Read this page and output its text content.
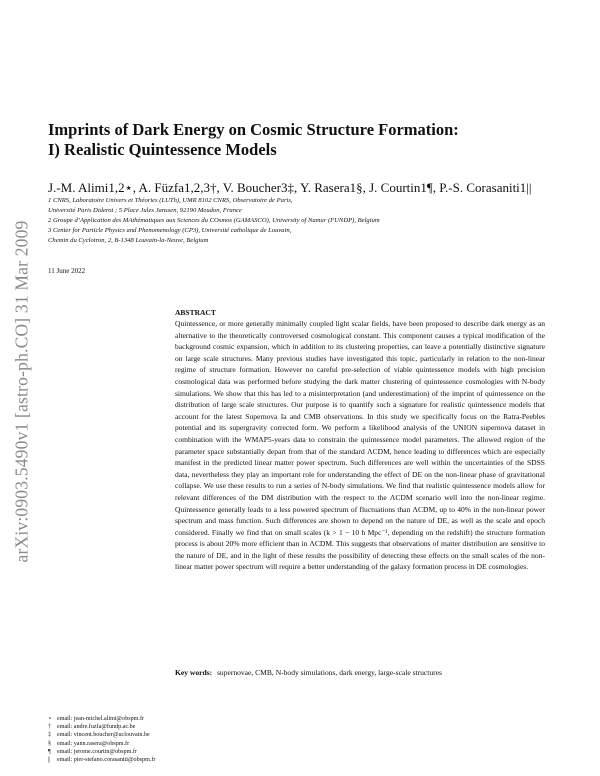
arXiv:0903.5490v1 [astro-ph.CO] 31 Mar 2009
Imprints of Dark Energy on Cosmic Structure Formation:
I) Realistic Quintessence Models
J.-M. Alimi1,2⋆, A. Füzfa1,2,3†, V. Boucher3‡, Y. Rasera1§, J. Courtin1¶, P.-S. Corasaniti1||
1 CNRS, Laboratoire Univers et Théories (LUTh), UMR 8102 CNRS, Observatoire de Paris,
Université Paris Diderot ; 5 Place Jules Janssen, 92190 Meudon, France
2 Groupe d’Application des MAthématiques aux Sciences du COsmos (GAMASCO), University of Namur (FUNDP), Belgium
3 Center for Particle Physics and Phenomenology (CP3), Université catholique de Louvain,
Chemin du Cyclotron, 2, B-1348 Louvain-la-Neuve, Belgium
11 June 2022
ABSTRACT

Quintessence, or more generally minimally coupled light scalar fields, have been proposed to describe dark energy as an alternative to the theoretically controversed cosmological constant. This component causes a typical modification of the background cosmic expansion, which in addition to its clustering properties, can leave a potentially distinctive signature on large scale structures. Many previous studies have investigated this topic, particularly in relation to the non-linear regime of structure formation. However no careful pre-selection of viable quintessence models with high precision cosmological data was performed before studying the dark matter clustering of quintessence cosmologies with N-body simulations. We show that this has led to a misinterpretation (and underestimation) of the imprint of quintessence on the distribution of large scale structures. Our purpose is to quantify such a signature for realistic quintessence models that account for the latest Supernova Ia and CMB observations. In this study we specifically focus on the Ratra-Peebles potential and its supergravity corrected form. We perform a likelihood analysis of the UNION supernova dataset in combination with the WMAP5-years data to constrain the quintessence model parameters. The allowed region of the parameter space substantially depart from that of the standard ΛCDM, hence leading to differences which are especially manifest in the predicted linear matter power spectrum. Such differences are well within the uncertainties of the SDSS data, nevertheless they play an important role for understanding the effect of DE on the non-linear phase of gravitational collapse. We use these results to run a series of N-body simulations. We find that realistic quintessence models allow for relevant differences of the DM distribution with the respect to the ΛCDM scenario well into the non-linear regime. Quintessence generally leads to a less powered spectrum of fluctuations than ΛCDM, up to 40% in the non-linear power spectrum and mass function. Such differences are shown to depend on the nature of DE, as well as the scale and epoch considered. Finally we find that on small scales (k > 1 − 10 h Mpc⁻¹, depending on the redshift) the structure formation process is about 20% more efficient than in ΛCDM. This suggests that observations of matter distribution are sensitive to the nature of DE, and in the light of these results the possibility of detecting these effects on the small scales of the non-linear matter power spectrum will require a better understanding of the galaxy formation process in DE cosmologies.

Key words: supernovae, CMB, N-body simulations, dark energy, large-scale structures
⋆ email: jean-michel.alimi@obspm.fr
† email: andre.fuzfa@fundp.ac.be
‡ email: vincent.boucher@uclouvain.be
§ email: yann.rasera@obspm.fr
¶ email: jerome.courtin@obspm.fr
|| email: pier-stefano.corasaniti@obspm.fr
